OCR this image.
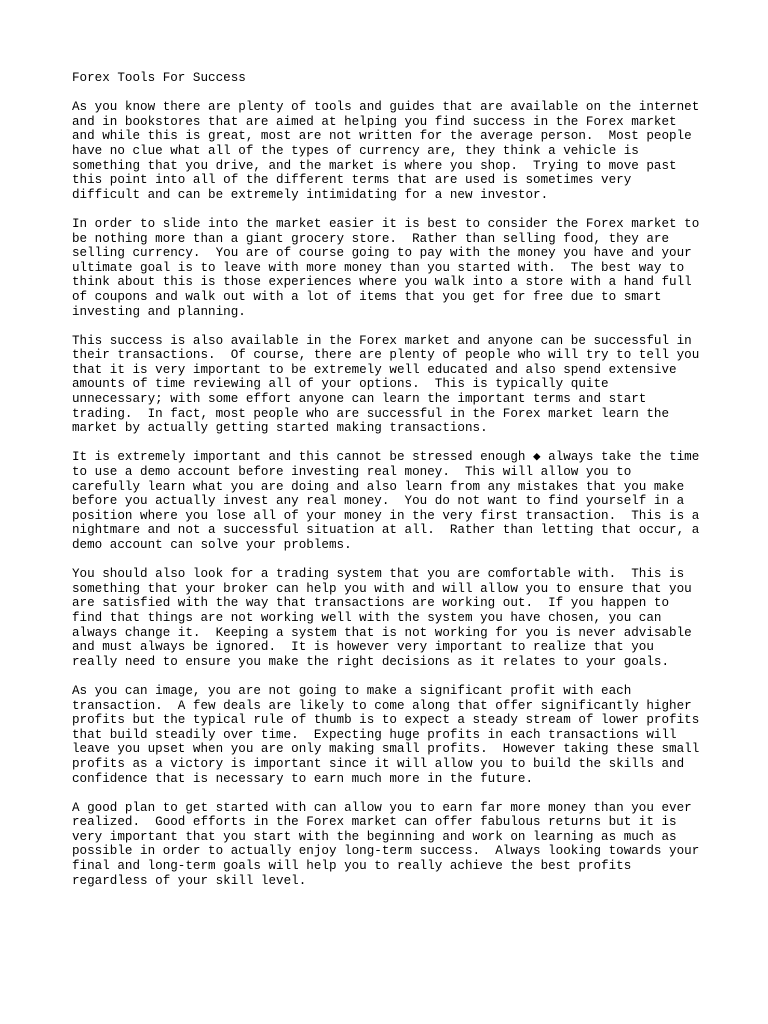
Forex Tools For Success
As you know there are plenty of tools and guides that are available on the internet
and in bookstores that are aimed at helping you find success in the Forex market
and while this is great, most are not written for the average person.  Most people
have no clue what all of the types of currency are, they think a vehicle is
something that you drive, and the market is where you shop.  Trying to move past
this point into all of the different terms that are used is sometimes very
difficult and can be extremely intimidating for a new investor.
In order to slide into the market easier it is best to consider the Forex market to
be nothing more than a giant grocery store.  Rather than selling food, they are
selling currency.  You are of course going to pay with the money you have and your
ultimate goal is to leave with more money than you started with.  The best way to
think about this is those experiences where you walk into a store with a hand full
of coupons and walk out with a lot of items that you get for free due to smart
investing and planning.
This success is also available in the Forex market and anyone can be successful in
their transactions.  Of course, there are plenty of people who will try to tell you
that it is very important to be extremely well educated and also spend extensive
amounts of time reviewing all of your options.  This is typically quite
unnecessary; with some effort anyone can learn the important terms and start
trading.  In fact, most people who are successful in the Forex market learn the
market by actually getting started making transactions.
It is extremely important and this cannot be stressed enough ◆ always take the time
to use a demo account before investing real money.  This will allow you to
carefully learn what you are doing and also learn from any mistakes that you make
before you actually invest any real money.  You do not want to find yourself in a
position where you lose all of your money in the very first transaction.  This is a
nightmare and not a successful situation at all.  Rather than letting that occur, a
demo account can solve your problems.
You should also look for a trading system that you are comfortable with.  This is
something that your broker can help you with and will allow you to ensure that you
are satisfied with the way that transactions are working out.  If you happen to
find that things are not working well with the system you have chosen, you can
always change it.  Keeping a system that is not working for you is never advisable
and must always be ignored.  It is however very important to realize that you
really need to ensure you make the right decisions as it relates to your goals.
As you can image, you are not going to make a significant profit with each
transaction.  A few deals are likely to come along that offer significantly higher
profits but the typical rule of thumb is to expect a steady stream of lower profits
that build steadily over time.  Expecting huge profits in each transactions will
leave you upset when you are only making small profits.  However taking these small
profits as a victory is important since it will allow you to build the skills and
confidence that is necessary to earn much more in the future.
A good plan to get started with can allow you to earn far more money than you ever
realized.  Good efforts in the Forex market can offer fabulous returns but it is
very important that you start with the beginning and work on learning as much as
possible in order to actually enjoy long-term success.  Always looking towards your
final and long-term goals will help you to really achieve the best profits
regardless of your skill level.
